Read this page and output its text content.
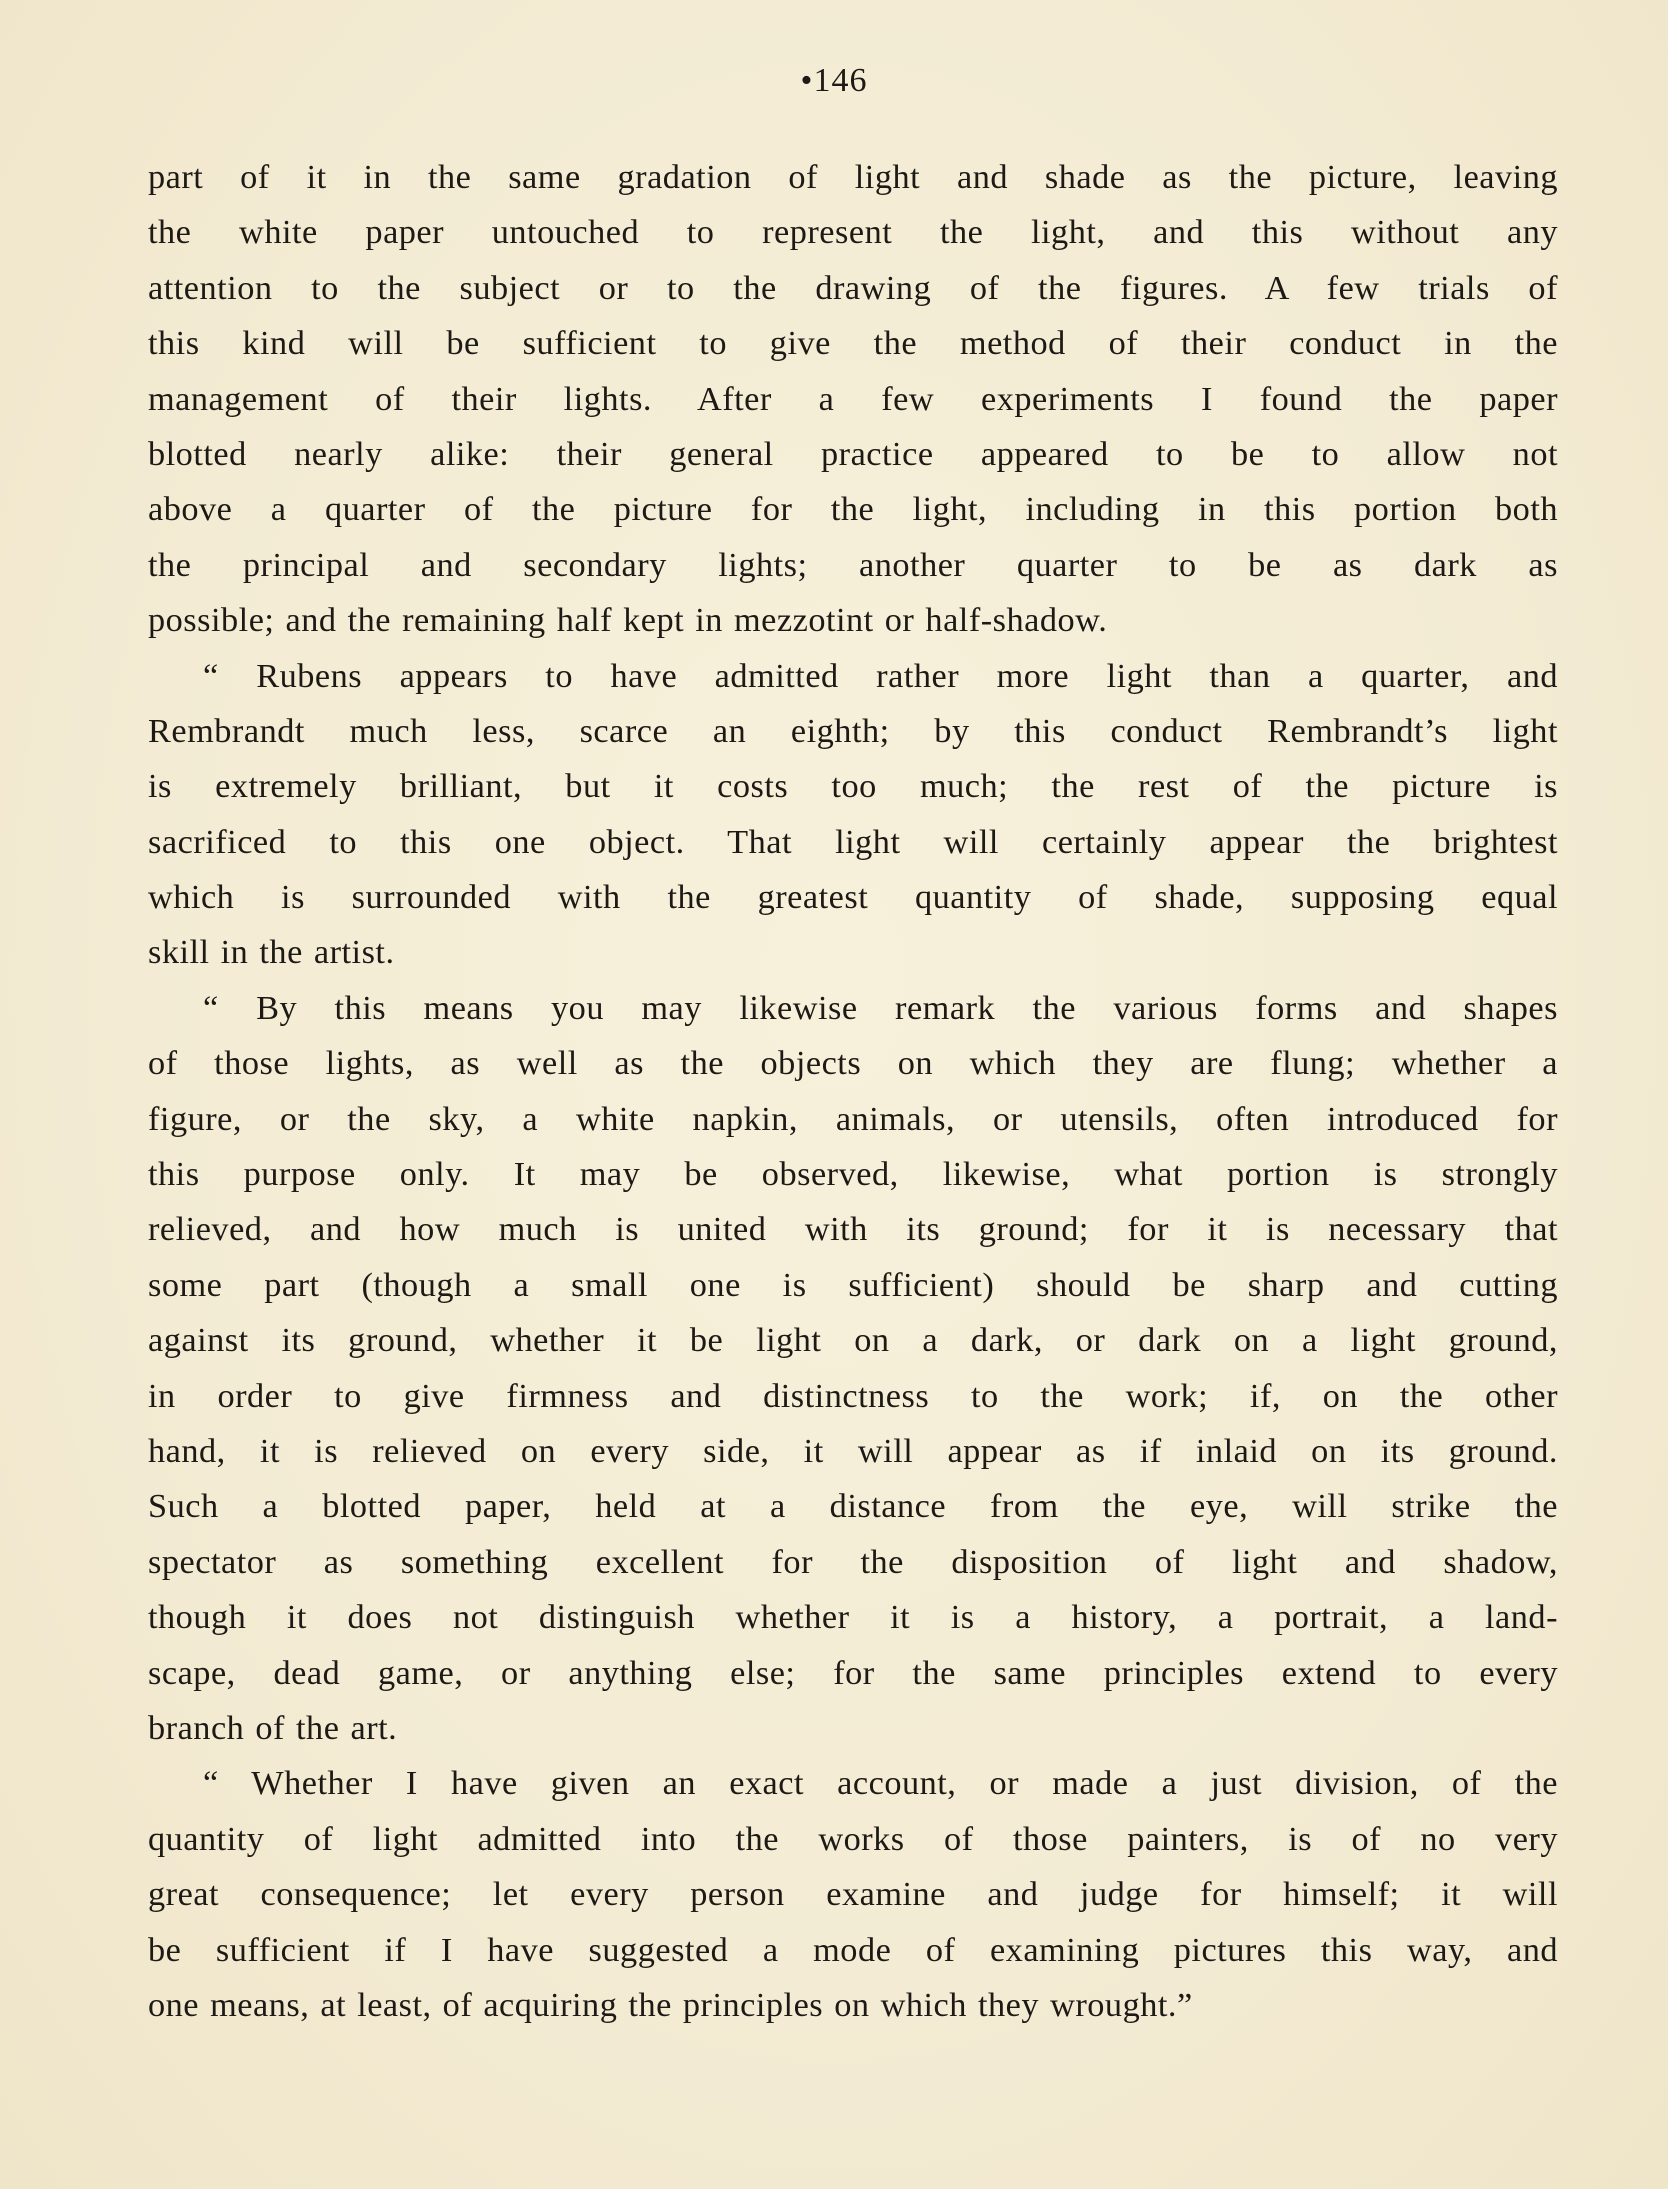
•146
part of it in the same gradation of light and shade as the picture, leaving
the white paper untouched to represent the light, and this without any
attention to the subject or to the drawing of the figures. A few trials of
this kind will be sufficient to give the method of their conduct in the
management of their lights. After a few experiments I found the paper
blotted nearly alike: their general practice appeared to be to allow not
above a quarter of the picture for the light, including in this portion both
the principal and secondary lights; another quarter to be as dark as
possible; and the remaining half kept in mezzotint or half-shadow.
“ Rubens appears to have admitted rather more light than a quarter, and
Rembrandt much less, scarce an eighth; by this conduct Rembrandt’s light
is extremely brilliant, but it costs too much; the rest of the picture is
sacrificed to this one object. That light will certainly appear the brightest
which is surrounded with the greatest quantity of shade, supposing equal
skill in the artist.
“ By this means you may likewise remark the various forms and shapes
of those lights, as well as the objects on which they are flung; whether a
figure, or the sky, a white napkin, animals, or utensils, often introduced for
this purpose only. It may be observed, likewise, what portion is strongly
relieved, and how much is united with its ground; for it is necessary that
some part (though a small one is sufficient) should be sharp and cutting
against its ground, whether it be light on a dark, or dark on a light ground,
in order to give firmness and distinctness to the work; if, on the other
hand, it is relieved on every side, it will appear as if inlaid on its ground.
Such a blotted paper, held at a distance from the eye, will strike the
spectator as something excellent for the disposition of light and shadow,
though it does not distinguish whether it is a history, a portrait, a land-
scape, dead game, or anything else; for the same principles extend to every
branch of the art.
“ Whether I have given an exact account, or made a just division, of the
quantity of light admitted into the works of those painters, is of no very
great consequence; let every person examine and judge for himself; it will
be sufficient if I have suggested a mode of examining pictures this way, and
one means, at least, of acquiring the principles on which they wrought.”
